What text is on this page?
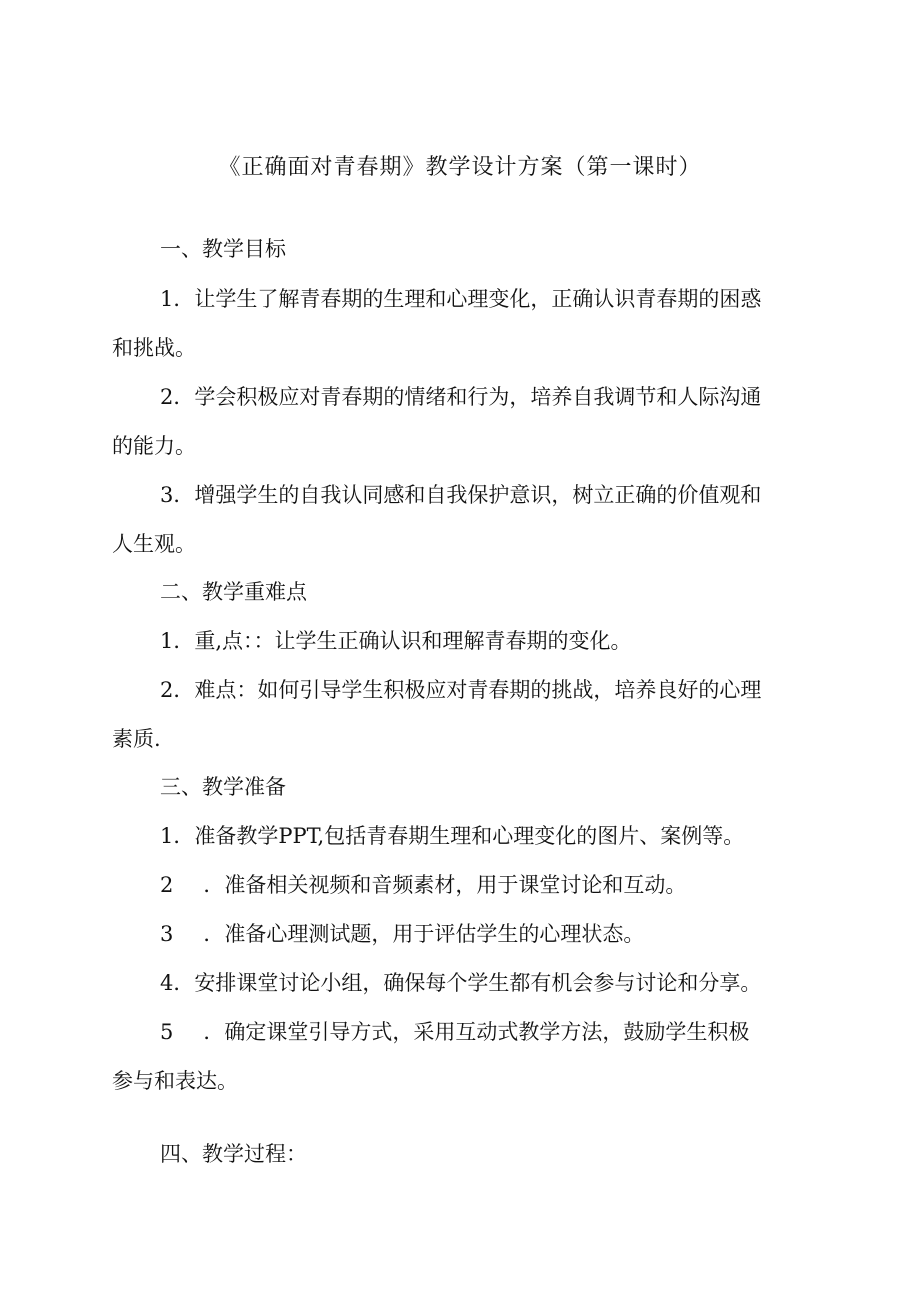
《正确面对青春期》教学设计方案（第一课时）

一、教学目标

1．让学生了解青春期的生理和心理变化，正确认识青春期的困惑

和挑战。

2．学会积极应对青春期的情绪和行为，培养自我调节和人际沟通

的能力。

3．增强学生的自我认同感和自我保护意识，树立正确的价值观和

人生观。

二、教学重难点

1．重,点：：让学生正确认识和理解青春期的变化。

2．难点：如何引导学生积极应对青春期的挑战，培养良好的心理

素质.

三、教学准备

1．准备教学PPT,包括青春期生理和心理变化的图片、案例等。

2 ．准备相关视频和音频素材，用于课堂讨论和互动。

3 ．准备心理测试题，用于评估学生的心理状态。

4．安排课堂讨论小组，确保每个学生都有机会参与讨论和分享。

5 ．确定课堂引导方式，采用互动式教学方法，鼓励学生积极

参与和表达。

四、教学过程：
